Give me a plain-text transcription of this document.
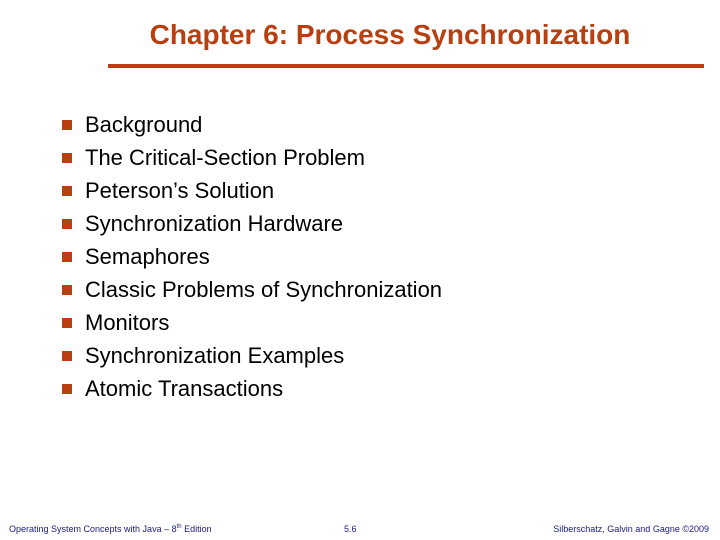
Chapter 6: Process Synchronization
Background
The Critical-Section Problem
Peterson’s Solution
Synchronization Hardware
Semaphores
Classic Problems of Synchronization
Monitors
Synchronization Examples
Atomic Transactions
Operating System Concepts with Java – 8th Edition	5.6	Silberschatz, Galvin and Gagne ©2009
